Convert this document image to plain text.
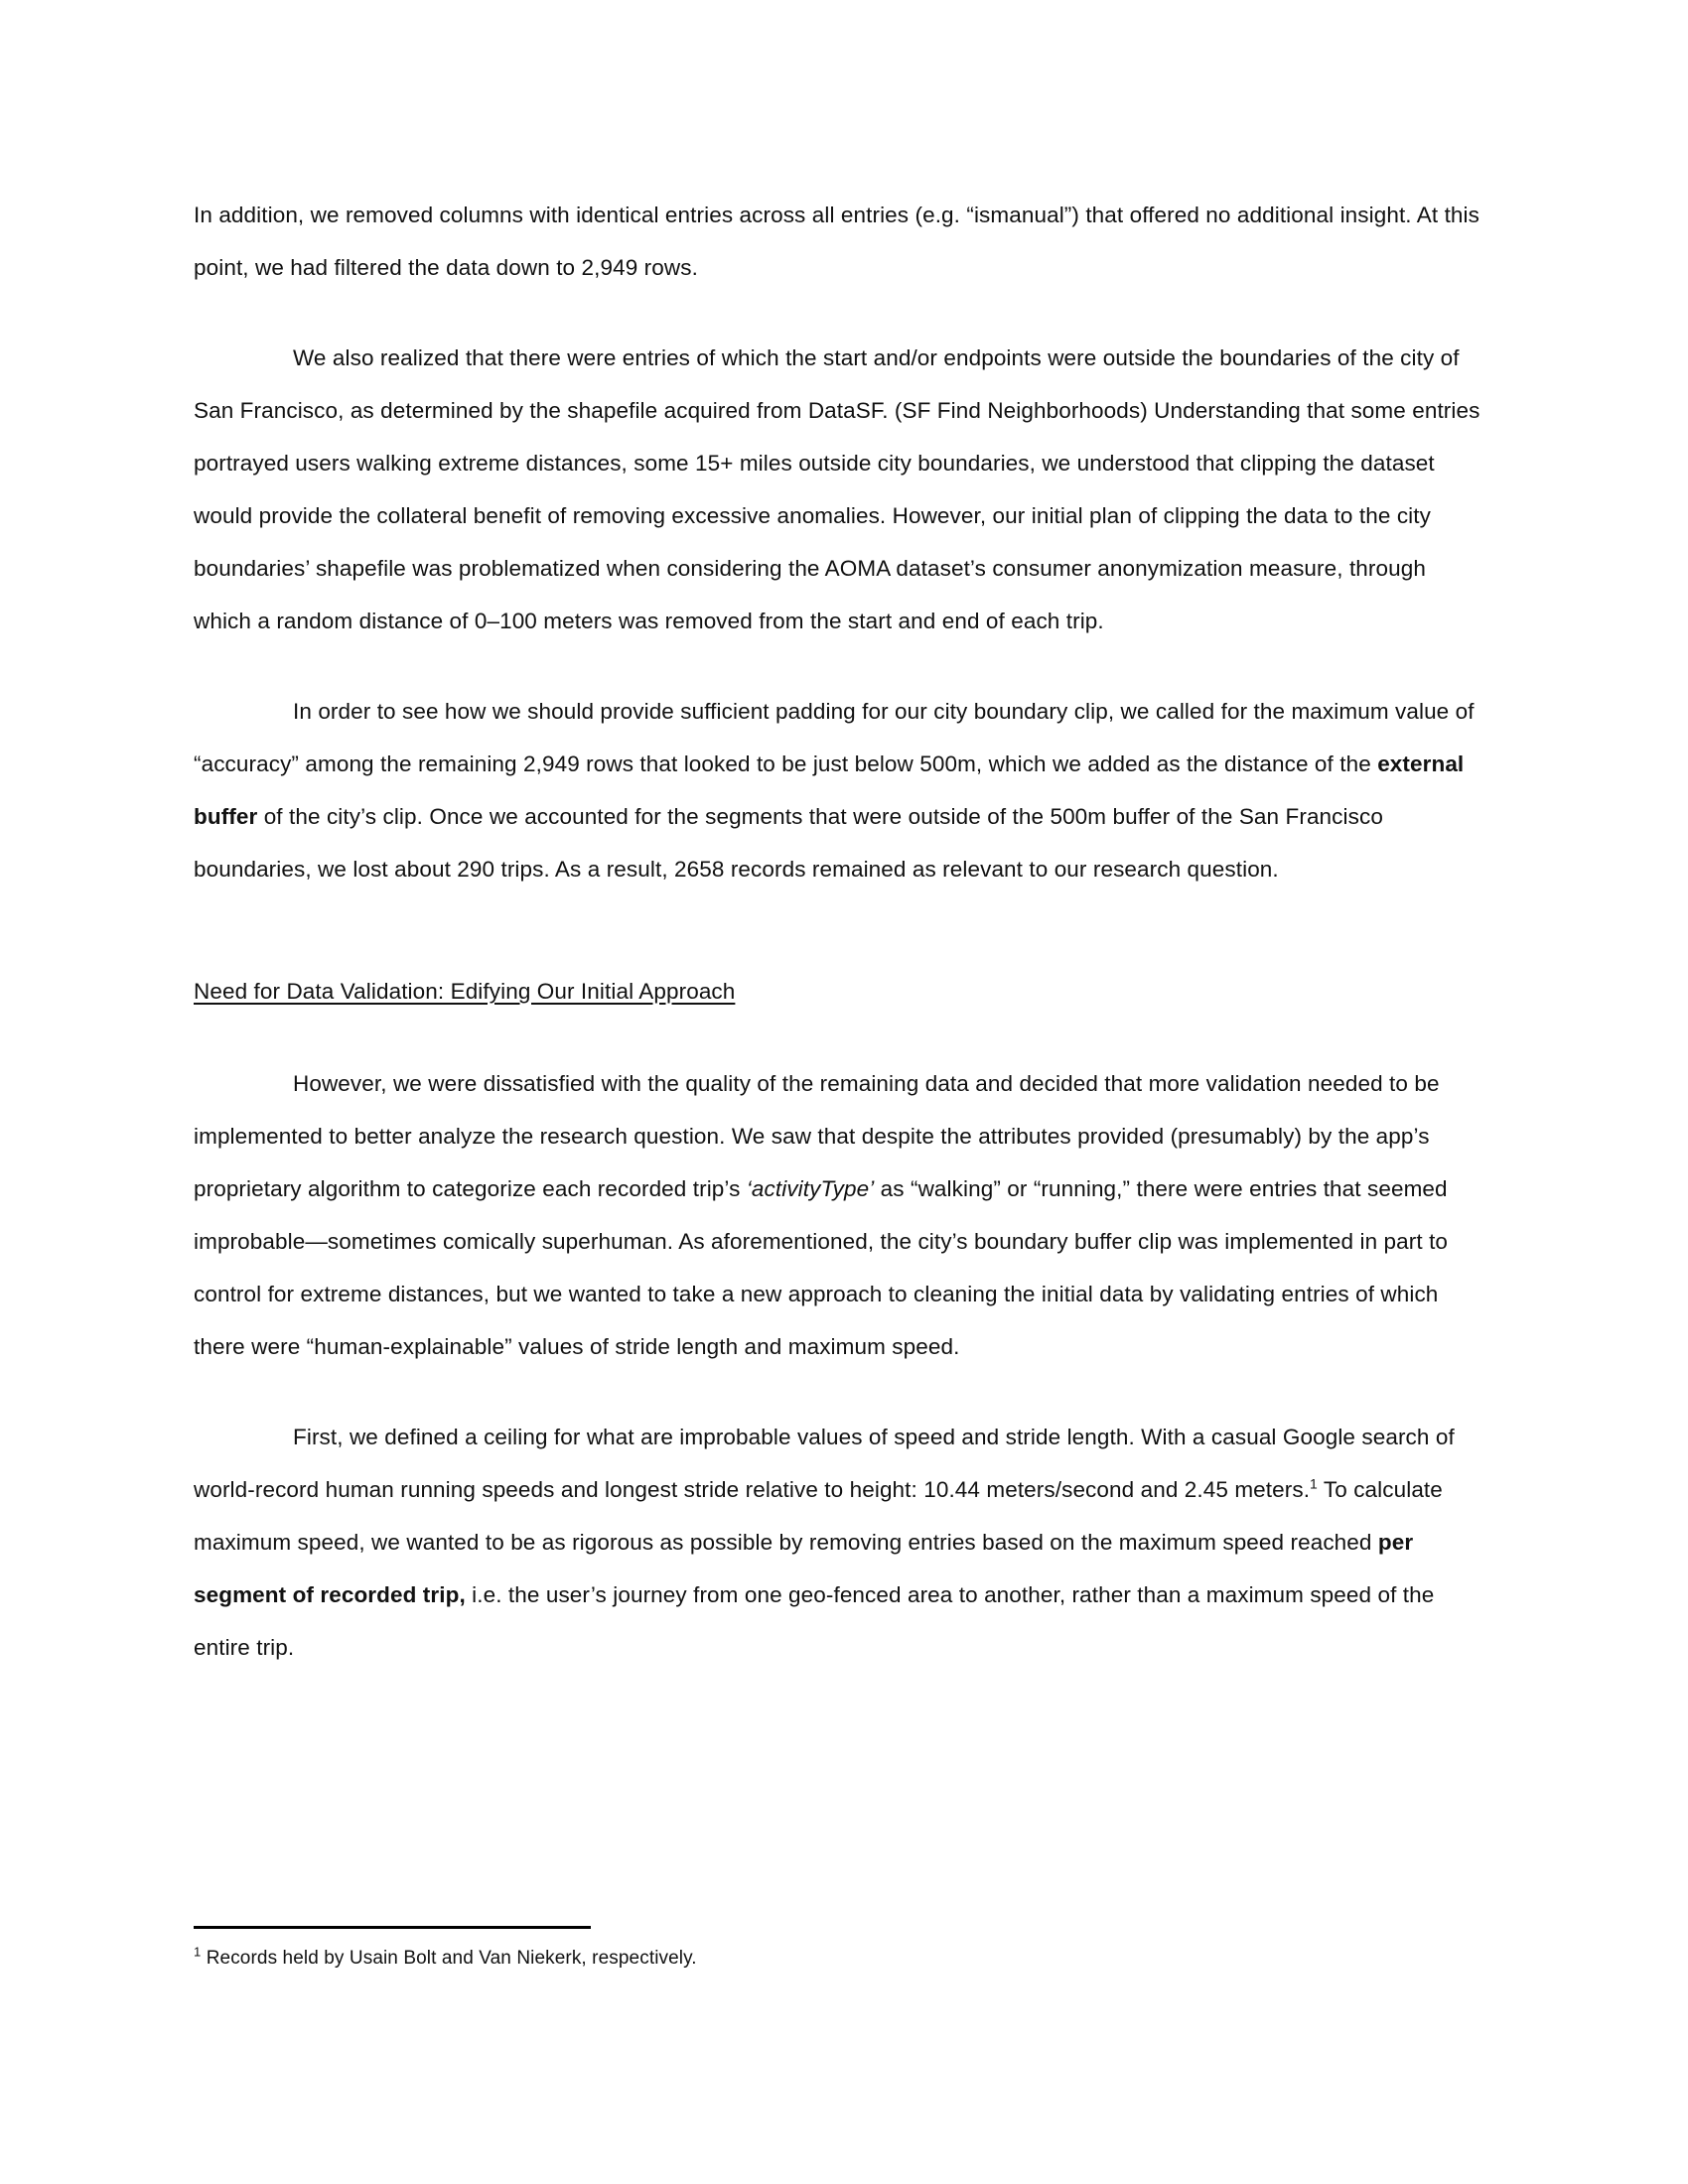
In addition, we removed columns with identical entries across all entries (e.g. “ismanual”) that offered no additional insight. At this point, we had filtered the data down to 2,949 rows.

We also realized that there were entries of which the start and/or endpoints were outside the boundaries of the city of San Francisco, as determined by the shapefile acquired from DataSF. (SF Find Neighborhoods) Understanding that some entries portrayed users walking extreme distances, some 15+ miles outside city boundaries, we understood that clipping the dataset would provide the collateral benefit of removing excessive anomalies. However, our initial plan of clipping the data to the city boundaries’ shapefile was problematized when considering the AOMA dataset’s consumer anonymization measure, through which a random distance of 0–100 meters was removed from the start and end of each trip.

In order to see how we should provide sufficient padding for our city boundary clip, we called for the maximum value of “accuracy” among the remaining 2,949 rows that looked to be just below 500m, which we added as the distance of the external buffer of the city’s clip. Once we accounted for the segments that were outside of the 500m buffer of the San Francisco boundaries, we lost about 290 trips. As a result, 2658 records remained as relevant to our research question.

Need for Data Validation: Edifying Our Initial Approach

However, we were dissatisfied with the quality of the remaining data and decided that more validation needed to be implemented to better analyze the research question. We saw that despite the attributes provided (presumably) by the app’s proprietary algorithm to categorize each recorded trip’s ‘activityType’ as “walking” or “running,” there were entries that seemed improbable—sometimes comically superhuman. As aforementioned, the city’s boundary buffer clip was implemented in part to control for extreme distances, but we wanted to take a new approach to cleaning the initial data by validating entries of which there were “human-explainable” values of stride length and maximum speed.

First, we defined a ceiling for what are improbable values of speed and stride length. With a casual Google search of world-record human running speeds and longest stride relative to height: 10.44 meters/second and 2.45 meters.$^1$ To calculate maximum speed, we wanted to be as rigorous as possible by removing entries based on the maximum speed reached per segment of recorded trip, i.e. the user’s journey from one geo-fenced area to another, rather than a maximum speed of the entire trip.

$^1$ Records held by Usain Bolt and Van Niekerk, respectively.
